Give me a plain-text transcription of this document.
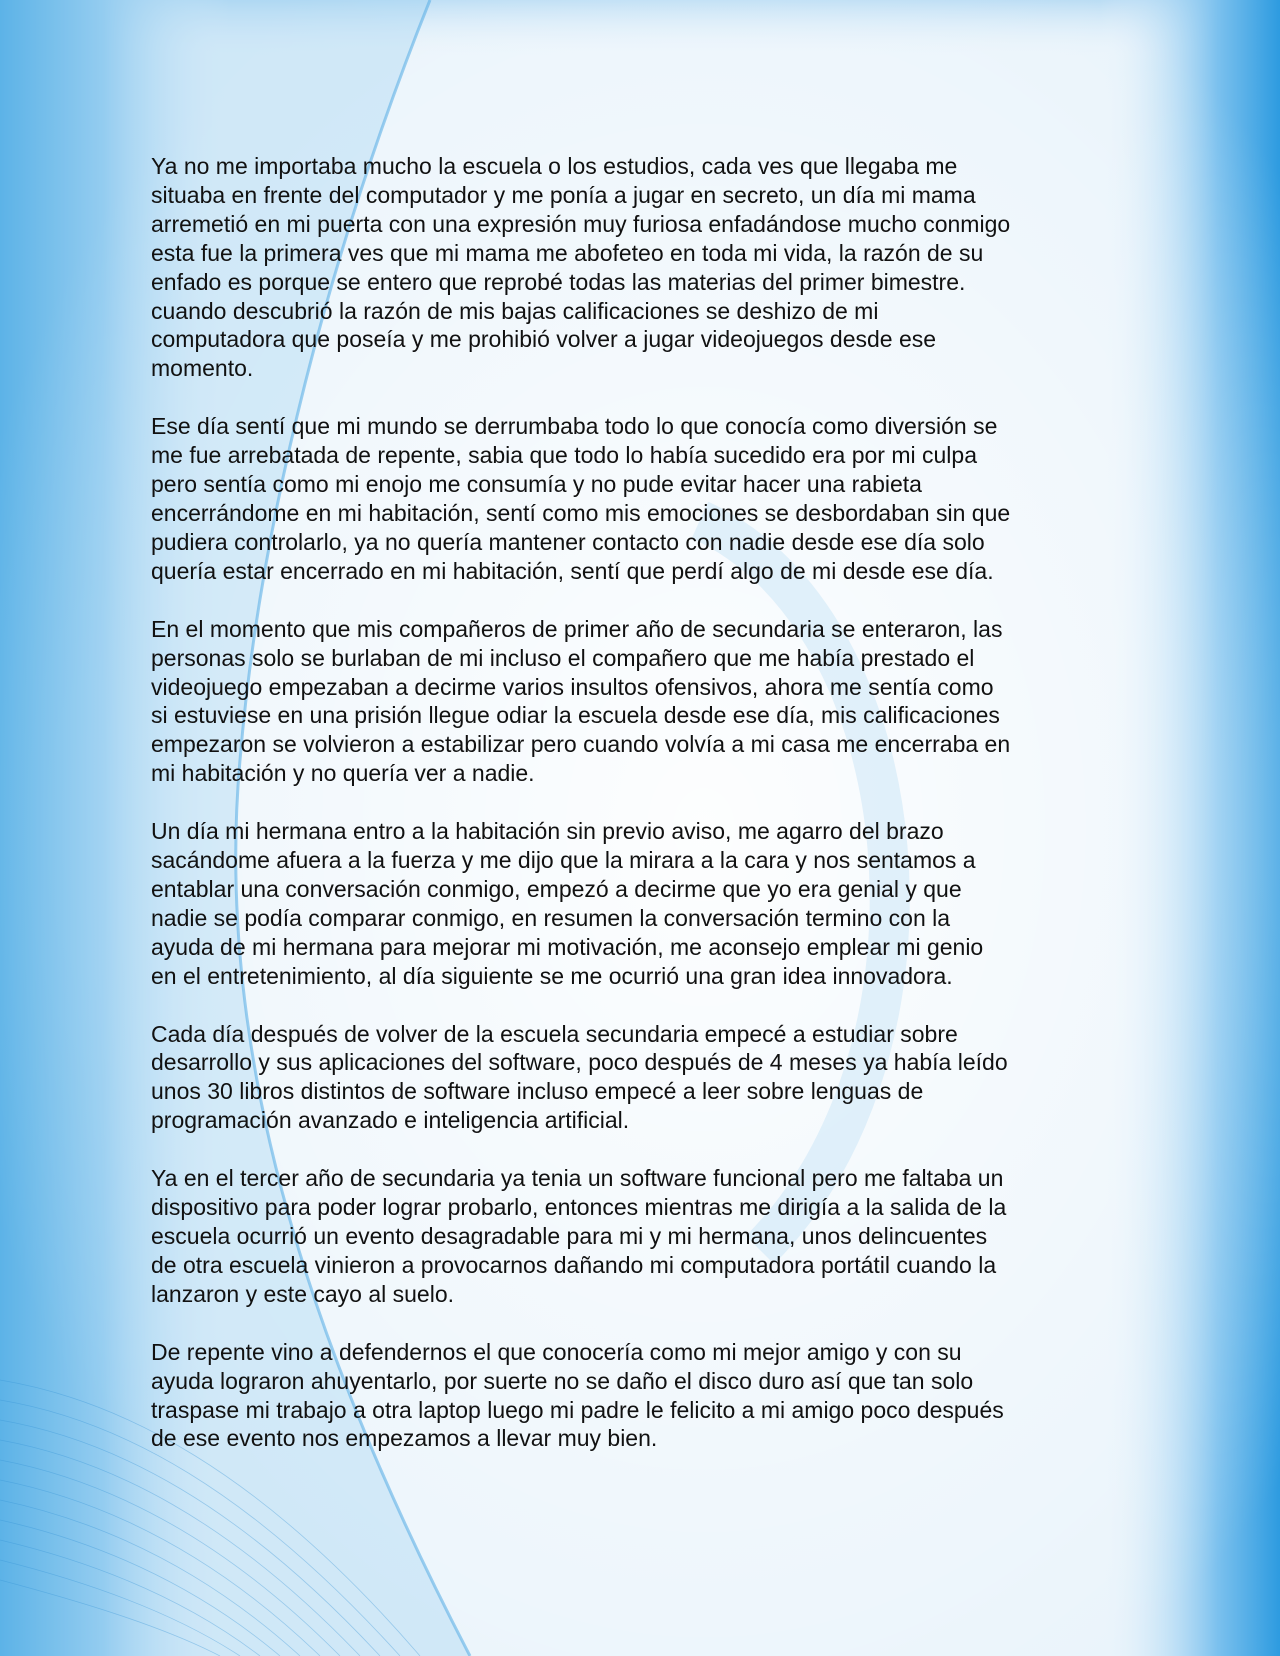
Ya no me importaba mucho la escuela o los estudios, cada ves que llegaba me
situaba en frente del computador y me ponía a jugar en secreto, un día mi mama
arremetió en mi puerta con una expresión muy furiosa enfadándose mucho conmigo
esta fue la primera ves que mi mama me abofeteo en toda mi vida, la razón de su
enfado es porque se entero que reprobé todas las materias del primer bimestre.
cuando descubrió la razón de mis bajas calificaciones se deshizo de mi
computadora que poseía y me prohibió volver a jugar videojuegos desde ese
momento.

Ese día sentí que mi mundo se derrumbaba todo lo que conocía como diversión se
me fue arrebatada de repente, sabia que todo lo había sucedido era por mi culpa
pero sentía como mi enojo me consumía y no pude evitar hacer una rabieta
encerrándome en mi habitación, sentí como mis emociones se desbordaban sin que
pudiera controlarlo, ya no quería mantener contacto con nadie desde ese día solo
quería estar encerrado en mi habitación, sentí que perdí algo de mi desde ese día.

En el momento que mis compañeros de primer año de secundaria se enteraron, las
personas solo se burlaban de mi incluso el compañero que me había prestado el
videojuego empezaban a decirme varios insultos ofensivos, ahora me sentía como
si estuviese en una prisión llegue odiar la escuela desde ese día, mis calificaciones
empezaron se volvieron a estabilizar pero cuando volvía a mi casa me encerraba en
mi habitación y no quería ver a nadie.

Un día mi hermana entro a la habitación sin previo aviso, me agarro del brazo
sacándome afuera a la fuerza y me dijo que la mirara a la cara y nos sentamos a
entablar una conversación conmigo, empezó a decirme que yo era genial y que
nadie se podía comparar conmigo, en resumen la conversación termino con la
ayuda de mi hermana para mejorar mi motivación, me aconsejo emplear mi genio
en el entretenimiento, al día siguiente se me ocurrió una gran idea innovadora.

Cada día después de volver de la escuela secundaria empecé a estudiar sobre
desarrollo y sus aplicaciones del software, poco después de 4 meses ya había leído
unos 30 libros distintos de software incluso empecé a leer sobre lenguas de
programación avanzado e inteligencia artificial.

Ya en el tercer año de secundaria ya tenia un software funcional pero me faltaba un
dispositivo para poder lograr probarlo, entonces mientras me dirigía a la salida de la
escuela ocurrió un evento desagradable para mi y mi hermana, unos delincuentes
de otra escuela vinieron a provocarnos dañando mi computadora portátil cuando la
lanzaron y este cayo al suelo.

De repente vino a defendernos el que conocería como mi mejor amigo y con su
ayuda lograron ahuyentarlo, por suerte no se daño el disco duro así que tan solo
traspase mi trabajo a otra laptop luego mi padre le felicito a mi amigo poco después
de ese evento nos empezamos a llevar muy bien.
